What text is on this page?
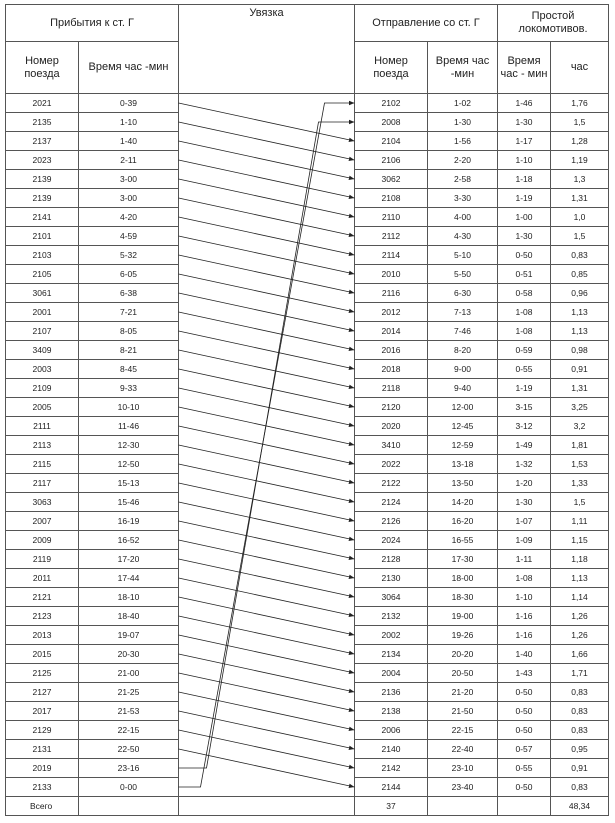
Прибытия к ст. Г		Увязка	Отправление со ст. Г		Простой локомотивов.	
Номер поезда	Время час -мин		Номер поезда	Время час -мин	Время час - мин	час
2021	0-39		2102	1-02	1-46	1,76
2135	1-10		2008	1-30	1-30	1,5
2137	1-40		2104	1-56	1-17	1,28
2023	2-11		2106	2-20	1-10	1,19
2139	3-00		3062	2-58	1-18	1,3
2139	3-00		2108	3-30	1-19	1,31
2141	4-20		2110	4-00	1-00	1,0
2101	4-59		2112	4-30	1-30	1,5
2103	5-32		2114	5-10	0-50	0,83
2105	6-05		2010	5-50	0-51	0,85
3061	6-38		2116	6-30	0-58	0,96
2001	7-21		2012	7-13	1-08	1,13
2107	8-05		2014	7-46	1-08	1,13
3409	8-21		2016	8-20	0-59	0,98
2003	8-45		2018	9-00	0-55	0,91
2109	9-33		2118	9-40	1-19	1,31
2005	10-10		2120	12-00	3-15	3,25
2111	11-46		2020	12-45	3-12	3,2
2113	12-30		3410	12-59	1-49	1,81
2115	12-50		2022	13-18	1-32	1,53
2117	15-13		2122	13-50	1-20	1,33
3063	15-46		2124	14-20	1-30	1,5
2007	16-19		2126	16-20	1-07	1,11
2009	16-52		2024	16-55	1-09	1,15
2119	17-20		2128	17-30	1-11	1,18
2011	17-44		2130	18-00	1-08	1,13
2121	18-10		3064	18-30	1-10	1,14
2123	18-40		2132	19-00	1-16	1,26
2013	19-07		2002	19-26	1-16	1,26
2015	20-30		2134	20-20	1-40	1,66
2125	21-00		2004	20-50	1-43	1,71
2127	21-25		2136	21-20	0-50	0,83
2017	21-53		2138	21-50	0-50	0,83
2129	22-15		2006	22-15	0-50	0,83
2131	22-50		2140	22-40	0-57	0,95
2019	23-16		2142	23-10	0-55	0,91
2133	0-00		2144	23-40	0-50	0,83
Всего			37			48,34
